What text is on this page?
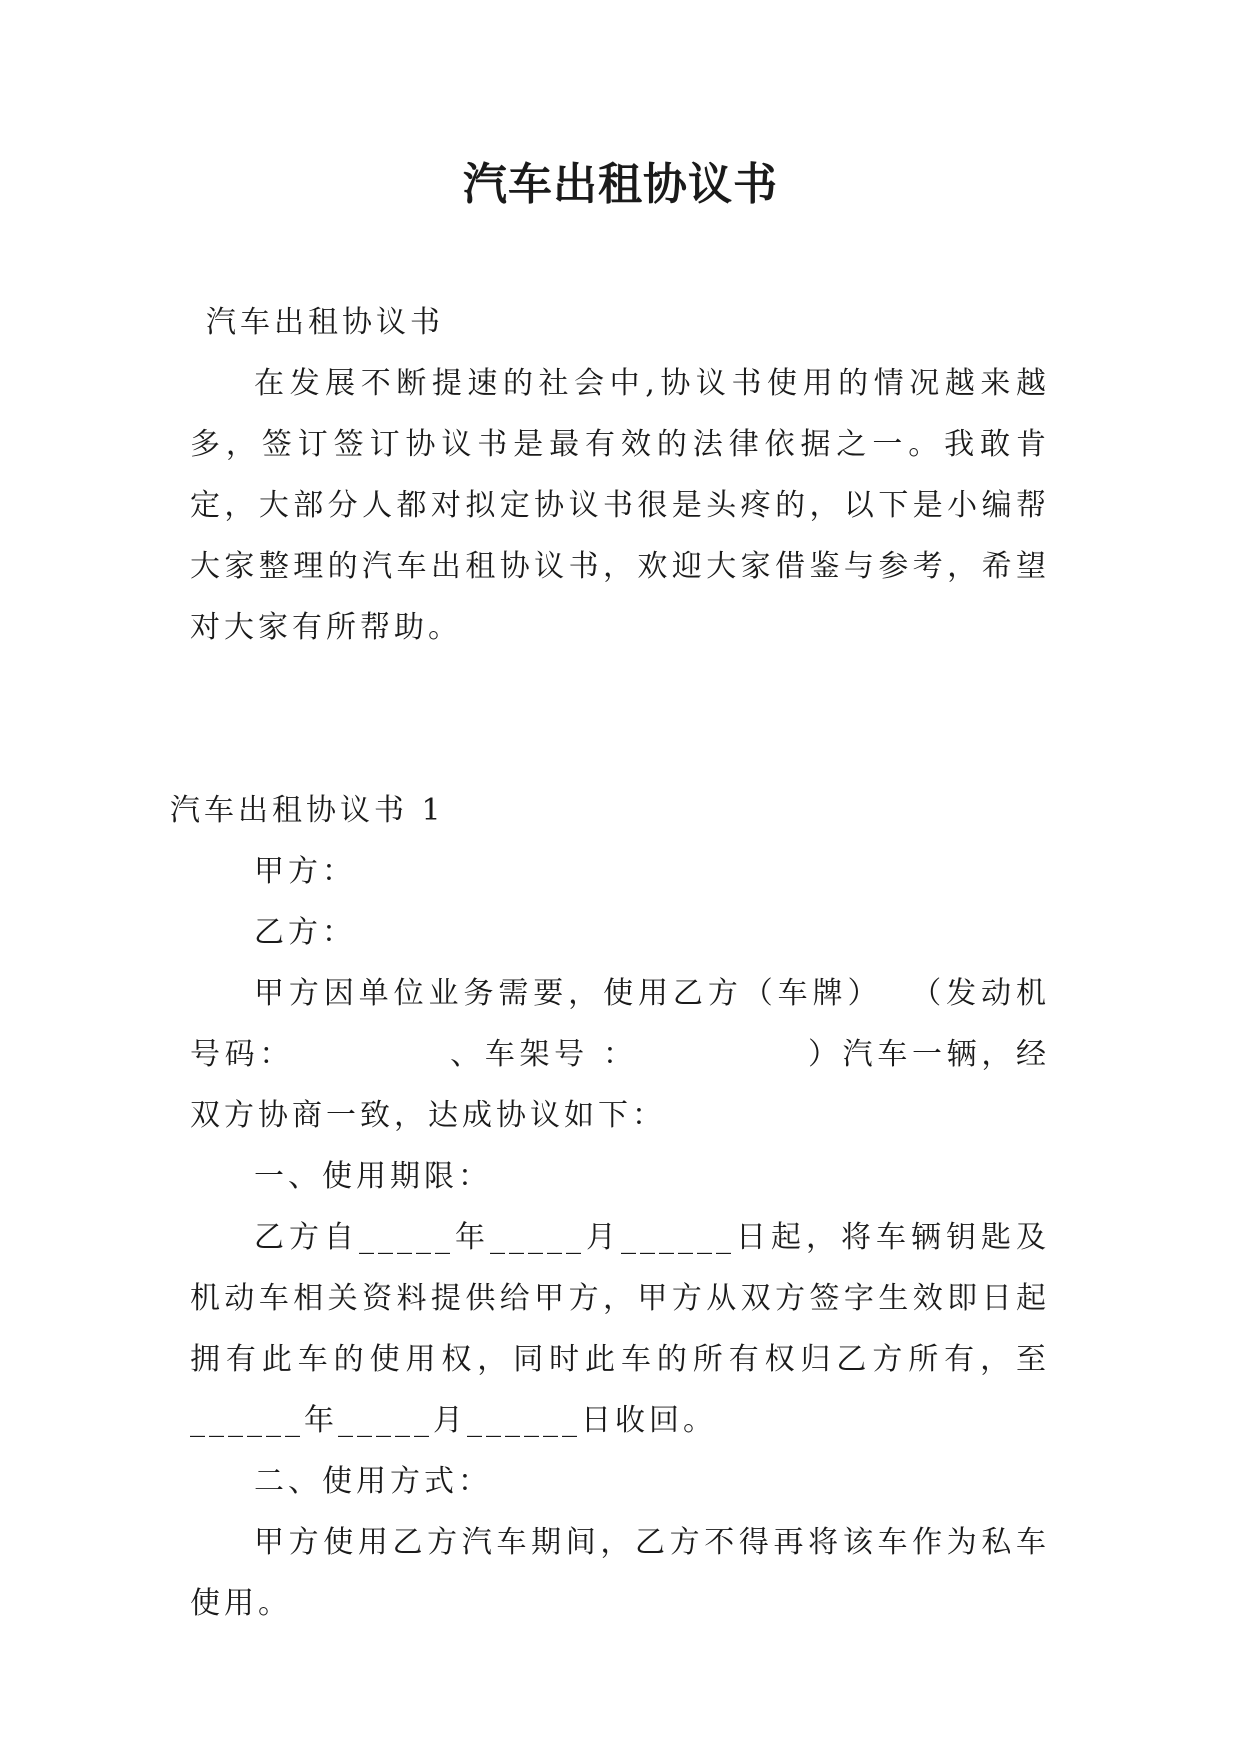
汽车出租协议书

汽车出租协议书

在发展不断提速的社会中,协议书使用的情况越来越多，签订签订协议书是最有效的法律依据之一。我敢肯定，大部分人都对拟定协议书很是头疼的，以下是小编帮大家整理的汽车出租协议书，欢迎大家借鉴与参考，希望对大家有所帮助。

汽车出租协议书 1

甲方：

乙方：

甲方因单位业务需要，使用乙方（车牌）  （发动机号码：           、车架号 ：            ）汽车一辆，经双方协商一致，达成协议如下：

一、使用期限：

乙方自_____年_____月______日起，将车辆钥匙及机动车相关资料提供给甲方，甲方从双方签字生效即日起拥有此车的使用权，同时此车的所有权归乙方所有，至______年_____月______日收回。

二、使用方式：

甲方使用乙方汽车期间，乙方不得再将该车作为私车使用。
